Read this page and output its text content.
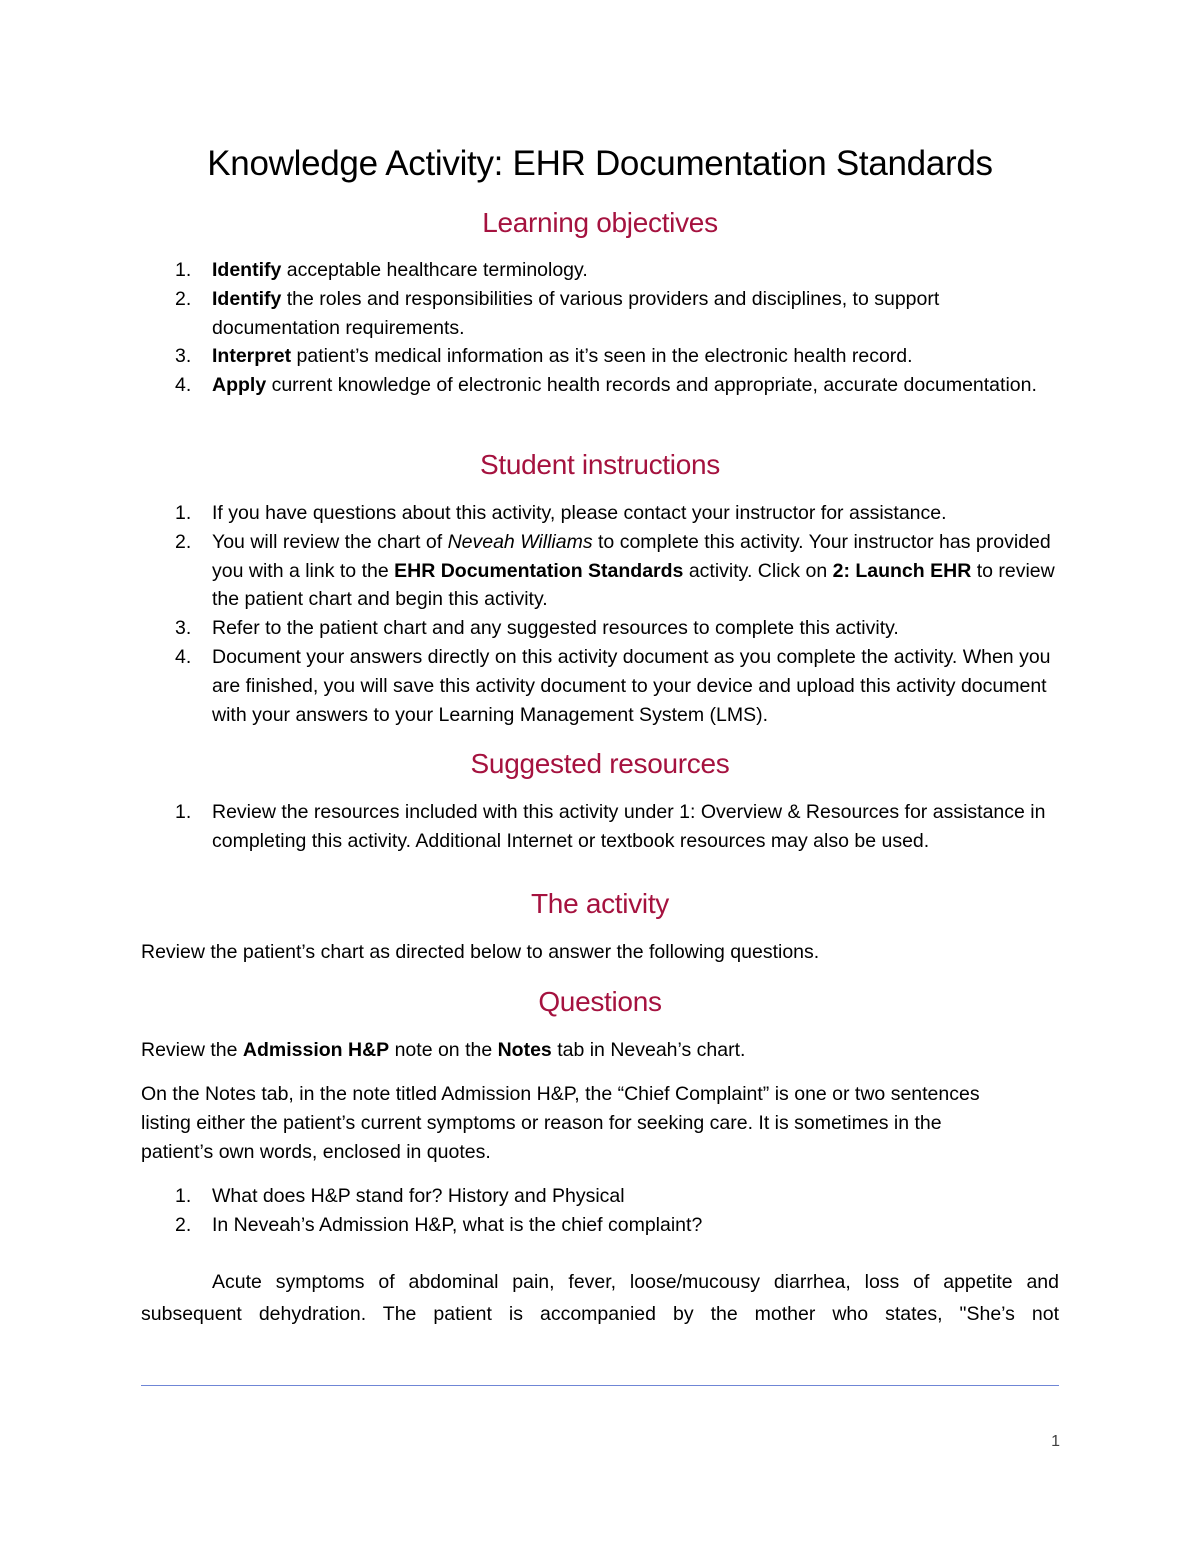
Knowledge Activity: EHR Documentation Standards
Learning objectives
1. Identify acceptable healthcare terminology.
2. Identify the roles and responsibilities of various providers and disciplines, to support documentation requirements.
3. Interpret patient’s medical information as it’s seen in the electronic health record.
4. Apply current knowledge of electronic health records and appropriate, accurate documentation.
Student instructions
1. If you have questions about this activity, please contact your instructor for assistance.
2. You will review the chart of Neveah Williams to complete this activity. Your instructor has provided you with a link to the EHR Documentation Standards activity. Click on 2: Launch EHR to review the patient chart and begin this activity.
3. Refer to the patient chart and any suggested resources to complete this activity.
4. Document your answers directly on this activity document as you complete the activity. When you are finished, you will save this activity document to your device and upload this activity document with your answers to your Learning Management System (LMS).
Suggested resources
1. Review the resources included with this activity under 1: Overview & Resources for assistance in completing this activity. Additional Internet or textbook resources may also be used.
The activity

Review the patient’s chart as directed below to answer the following questions.

Questions

Review the Admission H&P note on the Notes tab in Neveah’s chart.

On the Notes tab, in the note titled Admission H&P, the “Chief Complaint” is one or two sentences listing either the patient’s current symptoms or reason for seeking care. It is sometimes in the patient’s own words, enclosed in quotes.

1. What does H&P stand for? History and Physical
2. In Neveah’s Admission H&P, what is the chief complaint?

Acute symptoms of abdominal pain, fever, loose/mucousy diarrhea, loss of appetite and

subsequent dehydration. The patient is accompanied by the mother who states, "She’s not

1
